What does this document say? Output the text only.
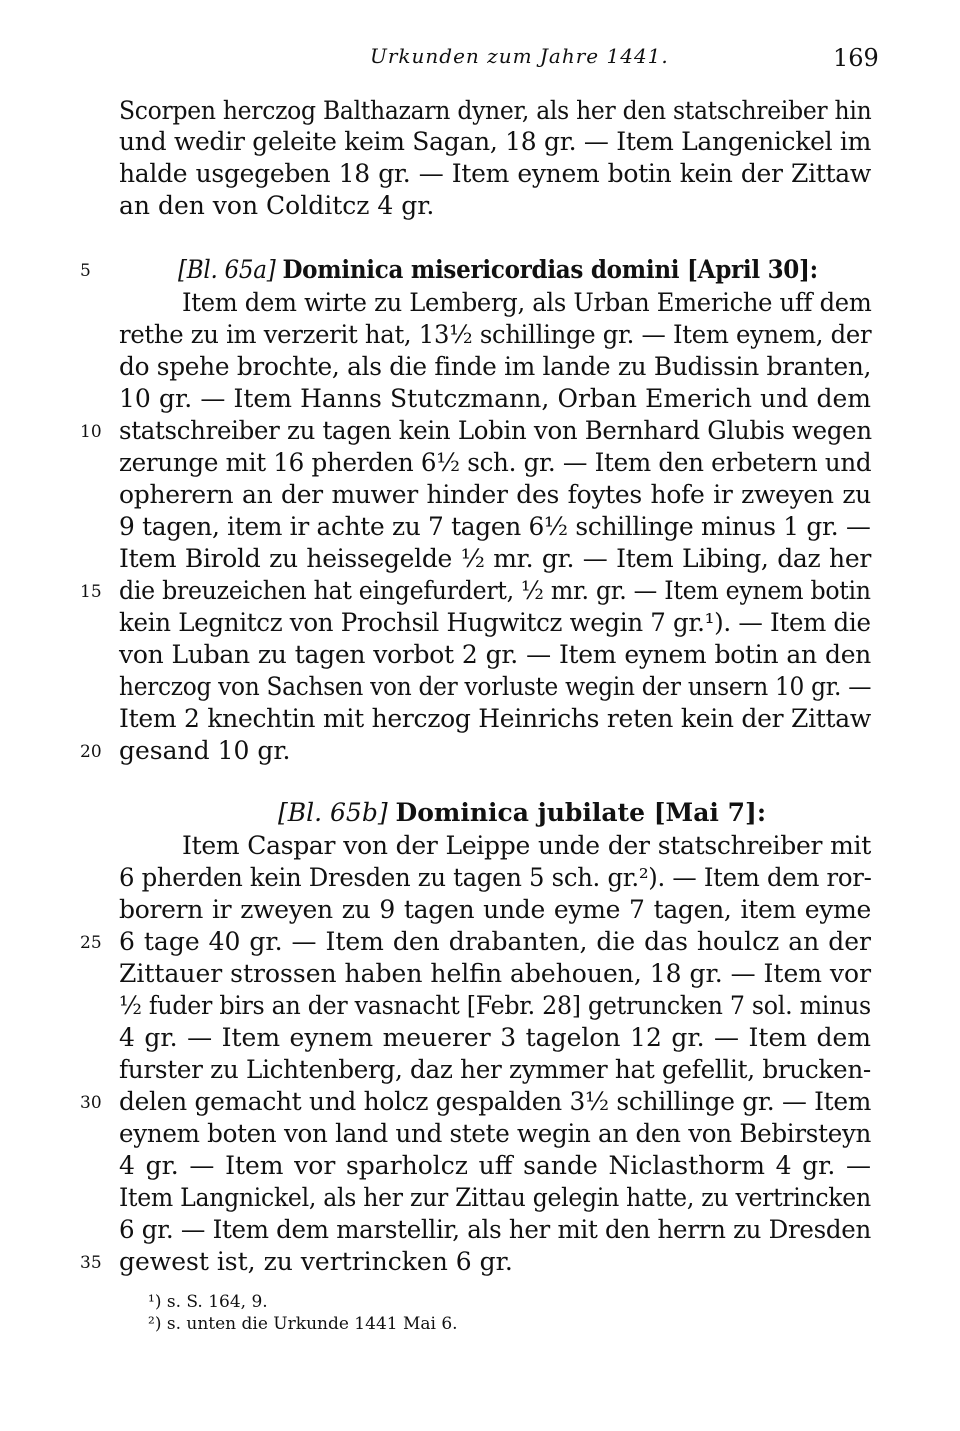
Urkunden zum Jahre 1441.	169
Scorpen herczog Balthazarn dyner, als her den statschreiber hin
und wedir geleite keim Sagan, 18 gr. — Item Langenickel im
halde usgegeben 18 gr. — Item eynem botin kein der Zittaw
an den von Colditcz 4 gr.
[Bl. 65a] Dominica misericordias domini [April 30]:
5
Item dem wirte zu Lemberg, als Urban Emeriche uff dem
rethe zu im verzerit hat, 13½ schillinge gr. — Item eynem, der
do spehe brochte, als die finde im lande zu Budissin branten,
10 gr. — Item Hanns Stutczmann, Orban Emerich und dem
statschreiber zu tagen kein Lobin von Bernhard Glubis wegen
10
zerunge mit 16 pherden 6½ sch. gr. — Item den erbetern und
opherern an der muwer hinder des foytes hofe ir zweyen zu
9 tagen, item ir achte zu 7 tagen 6½ schillinge minus 1 gr. —
Item Birold zu heissegelde ½ mr. gr. — Item Libing, daz her
die breuzeichen hat eingefurdert, ½ mr. gr. — Item eynem botin
15
kein Legnitcz von Prochsil Hugwitcz wegin 7 gr.¹). — Item die
von Luban zu tagen vorbot 2 gr. — Item eynem botin an den
herczog von Sachsen von der vorluste wegin der unsern 10 gr. —
Item 2 knechtin mit herczog Heinrichs reten kein der Zittaw
gesand 10 gr.
20
[Bl. 65b] Dominica jubilate [Mai 7]:
Item Caspar von der Leippe unde der statschreiber mit
6 pherden kein Dresden zu tagen 5 sch. gr.²). — Item dem ror-
borern ir zweyen zu 9 tagen unde eyme 7 tagen, item eyme
6 tage 40 gr. — Item den drabanten, die das houlcz an der
25
Zittauer strossen haben helfin abehouen, 18 gr. — Item vor
½ fuder birs an der vasnacht [Febr. 28] getruncken 7 sol. minus
4 gr. — Item eynem meuerer 3 tagelon 12 gr. — Item dem
furster zu Lichtenberg, daz her zymmer hat gefellit, brucken-
delen gemacht und holcz gespalden 3½ schillinge gr. — Item
30
eynem boten von land und stete wegin an den von Bebirsteyn
4 gr. — Item vor sparholcz uff sande Niclasthorm 4 gr. —
Item Langnickel, als her zur Zittau gelegin hatte, zu vertrincken
6 gr. — Item dem marstellir, als her mit den herrn zu Dresden
gewest ist, zu vertrincken 6 gr.
35
¹) s. S. 164, 9.
²) s. unten die Urkunde 1441 Mai 6.
